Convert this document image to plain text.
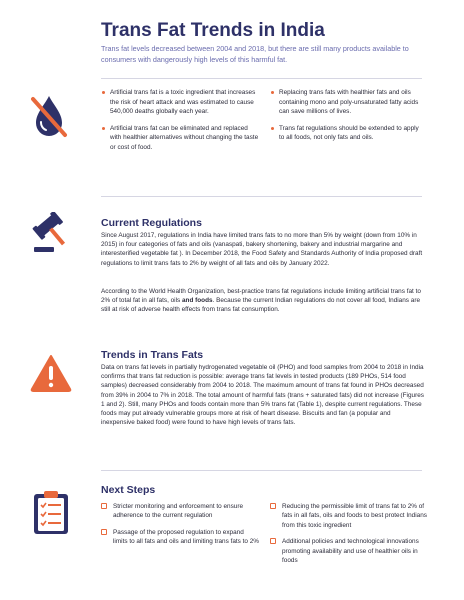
Trans Fat Trends in India

Trans fat levels decreased between 2004 and 2018, but there are still many products available to consumers with dangerously high levels of this harmful fat.

Artificial trans fat is a toxic ingredient that increases the risk of heart attack and was estimated to cause 540,000 deaths globally each year.
Artificial trans fat can be eliminated and replaced with healthier alternatives without changing the taste or cost of food.
Replacing trans fats with healthier fats and oils containing mono and poly-unsaturated fatty acids can save millions of lives.
Trans fat regulations should be extended to apply to all foods, not only fats and oils.
Current Regulations

Since August 2017, regulations in India have limited trans fats to no more than 5% by weight (down from 10% in 2015) in four categories of fats and oils (vanaspati, bakery shortening, bakery and industrial margarine and interesterified vegetable fat ). In December 2018, the Food Safety and Standards Authority of India proposed draft regulations to limit trans fats to 2% by weight of all fats and oils by January 2022.

According to the World Health Organization, best-practice trans fat regulations include limiting artificial trans fat to 2% of total fat in all fats, oils and foods. Because the current Indian regulations do not cover all food, Indians are still at risk of adverse health effects from trans fat consumption.

Trends in Trans Fats

Data on trans fat levels in partially hydrogenated vegetable oil (PHO) and food samples from 2004 to 2018 in India confirms that trans fat reduction is possible: average trans fat levels in tested products (189 PHOs, 514 food samples) decreased considerably from 2004 to 2018. The maximum amount of trans fat found in PHOs decreased from 39% in 2004 to 7% in 2018. The total amount of harmful fats (trans + saturated fats) did not increase (Figures 1 and 2). Still, many PHOs and foods contain more than 5% trans fat (Table 1), despite current regulations. These foods may put already vulnerable groups more at risk of heart disease. Biscuits and fan (a popular and inexpensive baked food) were found to have high levels of trans fats.

Next Steps
Stricter monitoring and enforcement to ensure adherence to the current regulation
Passage of the proposed regulation to expand limits to all fats and oils and limiting trans fats to 2%
Reducing the permissible limit of trans fat to 2% of fats in all fats, oils and foods to best protect Indians from this toxic ingredient
Additional policies and technological innovations promoting availability and use of healthier oils in foods
